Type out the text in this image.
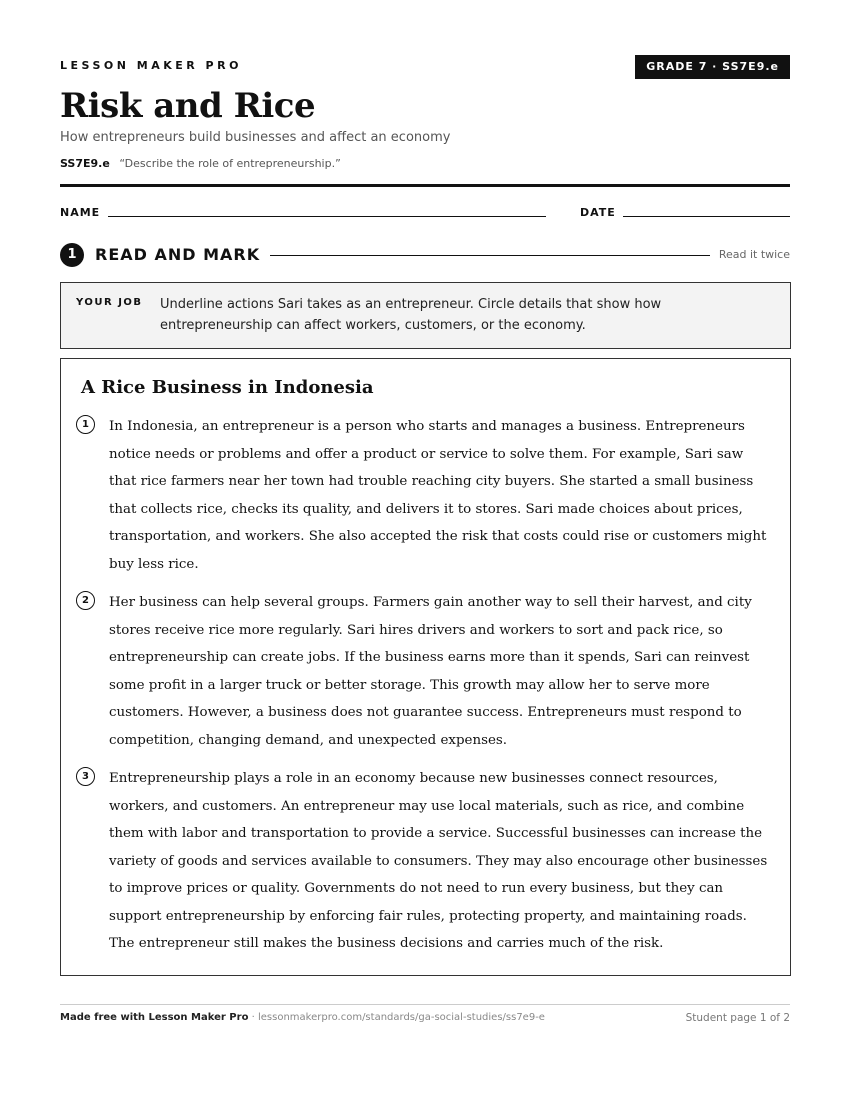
LESSON MAKER PRO	GRADE 7 · SS7E9.e
Risk and Rice
How entrepreneurs build businesses and affect an economy
SS7E9.e “Describe the role of entrepreneurship.”
NAME	DATE
1	READ AND MARK	Read it twice
YOUR JOB Underline actions Sari takes as an entrepreneur. Circle details that show how entrepreneurship can affect workers, customers, or the economy.
A Rice Business in Indonesia
1	In Indonesia, an entrepreneur is a person who starts and manages a business. Entrepreneurs notice needs or problems and offer a product or service to solve them. For example, Sari saw that rice farmers near her town had trouble reaching city buyers. She started a small business that collects rice, checks its quality, and delivers it to stores. Sari made choices about prices, transportation, and workers. She also accepted the risk that costs could rise or customers might buy less rice.

2	Her business can help several groups. Farmers gain another way to sell their harvest, and city stores receive rice more regularly. Sari hires drivers and workers to sort and pack rice, so entrepreneurship can create jobs. If the business earns more than it spends, Sari can reinvest some profit in a larger truck or better storage. This growth may allow her to serve more customers. However, a business does not guarantee success. Entrepreneurs must respond to competition, changing demand, and unexpected expenses.

3	Entrepreneurship plays a role in an economy because new businesses connect resources, workers, and customers. An entrepreneur may use local materials, such as rice, and combine them with labor and transportation to provide a service. Successful businesses can increase the variety of goods and services available to consumers. They may also encourage other businesses to improve prices or quality. Governments do not need to run every business, but they can support entrepreneurship by enforcing fair rules, protecting property, and maintaining roads. The entrepreneur still makes the business decisions and carries much of the risk.

Made free with Lesson Maker Pro · lessonmakerpro.com/standards/ga-social-studies/ss7e9-e	Student page 1 of 2
